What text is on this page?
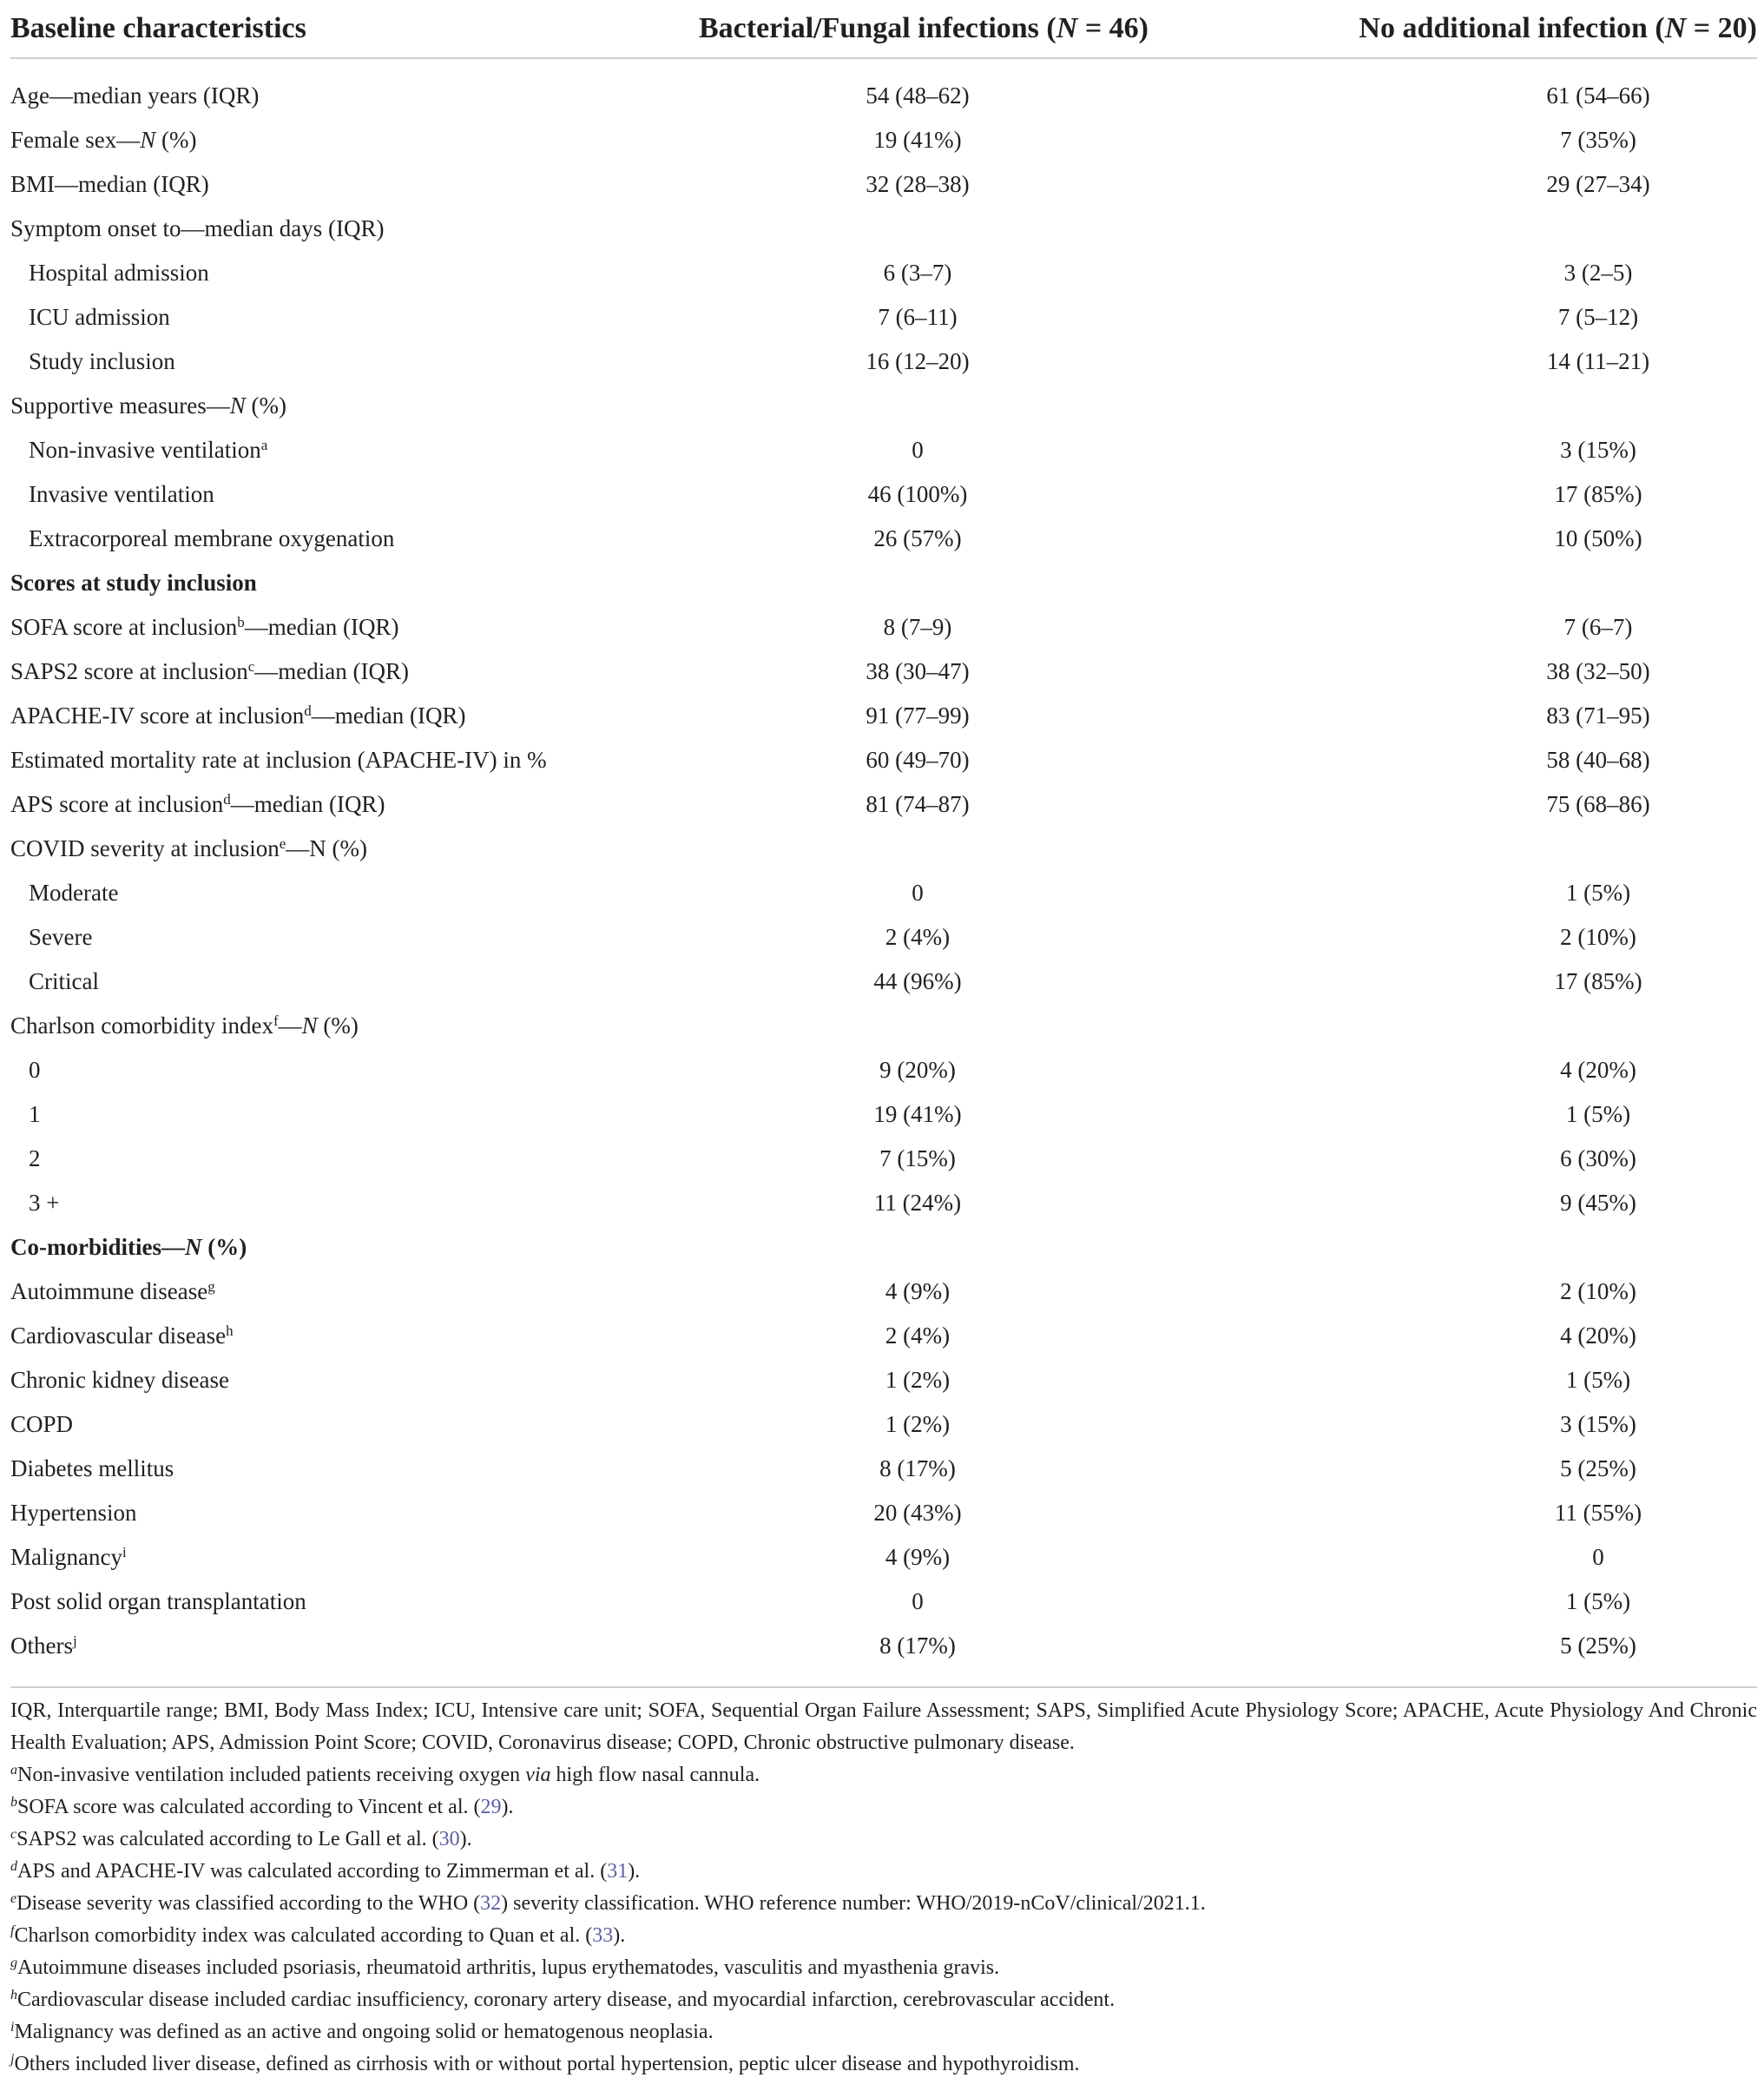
Baseline characteristics	Bacterial/Fungal infections (N = 46)	No additional infection (N = 20)

Age—median years (IQR)	54 (48–62)	61 (54–66)
Female sex—N (%)	19 (41%)	7 (35%)
BMI—median (IQR)	32 (28–38)	29 (27–34)
Symptom onset to—median days (IQR)		
Hospital admission	6 (3–7)	3 (2–5)
ICU admission	7 (6–11)	7 (5–12)
Study inclusion	16 (12–20)	14 (11–21)
Supportive measures—N (%)		
Non-invasive ventilation$^a$	0	3 (15%)
Invasive ventilation	46 (100%)	17 (85%)
Extracorporeal membrane oxygenation	26 (57%)	10 (50%)
Scores at study inclusion		
SOFA score at inclusion$^b$—median (IQR)	8 (7–9)	7 (6–7)
SAPS2 score at inclusion$^c$—median (IQR)	38 (30–47)	38 (32–50)
APACHE-IV score at inclusion$^d$—median (IQR)	91 (77–99)	83 (71–95)
Estimated mortality rate at inclusion (APACHE-IV) in %	60 (49–70)	58 (40–68)
APS score at inclusion$^d$—median (IQR)	81 (74–87)	75 (68–86)
COVID severity at inclusion$^e$—N (%)		
Moderate	0	1 (5%)
Severe	2 (4%)	2 (10%)
Critical	44 (96%)	17 (85%)
Charlson comorbidity index$^f$—N (%)		
0	9 (20%)	4 (20%)
1	19 (41%)	1 (5%)
2	7 (15%)	6 (30%)
3 +	11 (24%)	9 (45%)
Co-morbidities—N (%)		
Autoimmune disease$^g$	4 (9%)	2 (10%)
Cardiovascular disease$^h$	2 (4%)	4 (20%)
Chronic kidney disease	1 (2%)	1 (5%)
COPD	1 (2%)	3 (15%)
Diabetes mellitus	8 (17%)	5 (25%)
Hypertension	20 (43%)	11 (55%)
Malignancy$^i$	4 (9%)	0
Post solid organ transplantation	0	1 (5%)
Others$^j$	8 (17%)	5 (25%)

IQR, Interquartile range; BMI, Body Mass Index; ICU, Intensive care unit; SOFA, Sequential Organ Failure Assessment; SAPS, Simplified Acute Physiology Score; APACHE, Acute Physiology And Chronic Health Evaluation; APS, Admission Point Score; COVID, Coronavirus disease; COPD, Chronic obstructive pulmonary disease.

$^a$Non-invasive ventilation included patients receiving oxygen via high flow nasal cannula.

$^b$SOFA score was calculated according to Vincent et al. (29).

$^c$SAPS2 was calculated according to Le Gall et al. (30).

$^d$APS and APACHE-IV was calculated according to Zimmerman et al. (31).

$^e$Disease severity was classified according to the WHO (32) severity classification. WHO reference number: WHO/2019-nCoV/clinical/2021.1.

$^f$Charlson comorbidity index was calculated according to Quan et al. (33).

$^g$Autoimmune diseases included psoriasis, rheumatoid arthritis, lupus erythematodes, vasculitis and myasthenia gravis.

$^h$Cardiovascular disease included cardiac insufficiency, coronary artery disease, and myocardial infarction, cerebrovascular accident.

$^i$Malignancy was defined as an active and ongoing solid or hematogenous neoplasia.

$^j$Others included liver disease, defined as cirrhosis with or without portal hypertension, peptic ulcer disease and hypothyroidism.
